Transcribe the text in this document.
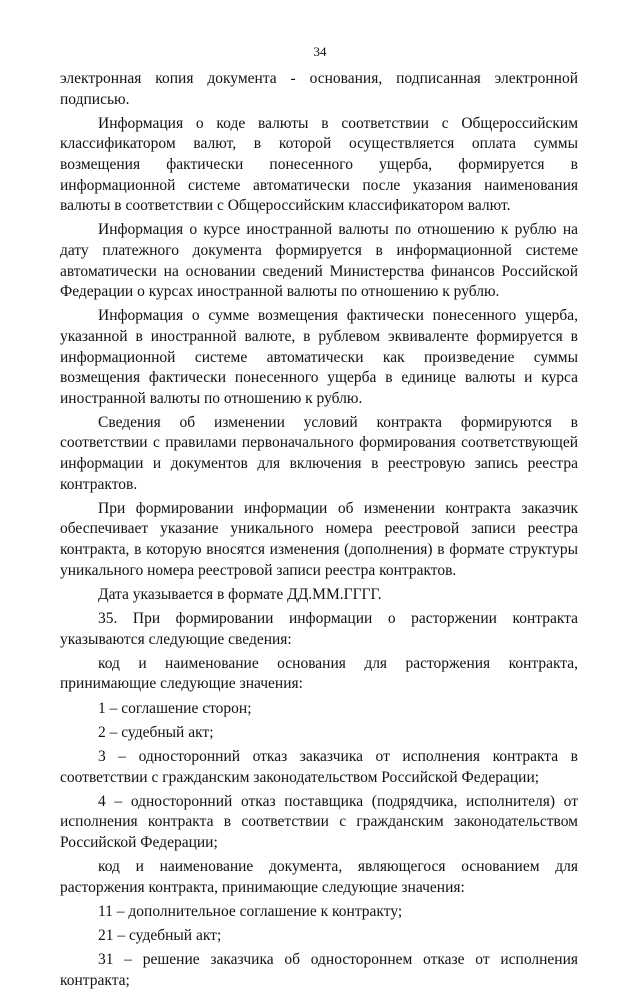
34

электронная копия документа - основания, подписанная электронной подписью.

Информация о коде валюты в соответствии с Общероссийским классификатором валют, в которой осуществляется оплата суммы возмещения фактически понесенного ущерба, формируется в информационной системе автоматически после указания наименования валюты в соответствии с Общероссийским классификатором валют.

Информация о курсе иностранной валюты по отношению к рублю на дату платежного документа формируется в информационной системе автоматически на основании сведений Министерства финансов Российской Федерации о курсах иностранной валюты по отношению к рублю.

Информация о сумме возмещения фактически понесенного ущерба, указанной в иностранной валюте, в рублевом эквиваленте формируется в информационной системе автоматически как произведение суммы возмещения фактически понесенного ущерба в единице валюты и курса иностранной валюты по отношению к рублю.

Сведения об изменении условий контракта формируются в соответствии с правилами первоначального формирования соответствующей информации и документов для включения в реестровую запись реестра контрактов.

При формировании информации об изменении контракта заказчик обеспечивает указание уникального номера реестровой записи реестра контракта, в которую вносятся изменения (дополнения) в формате структуры уникального номера реестровой записи реестра контрактов.

Дата указывается в формате ДД.ММ.ГГГГ.

35. При формировании информации о расторжении контракта указываются следующие сведения:

код и наименование основания для расторжения контракта, принимающие следующие значения:

1 – соглашение сторон;

2 – судебный акт;

3 – односторонний отказ заказчика от исполнения контракта в соответствии с гражданским законодательством Российской Федерации;

4 – односторонний отказ поставщика (подрядчика, исполнителя) от исполнения контракта в соответствии с гражданским законодательством Российской Федерации;

код и наименование документа, являющегося основанием для расторжения контракта, принимающие следующие значения:

11 – дополнительное соглашение к контракту;

21 – судебный акт;

31 – решение заказчика об одностороннем отказе от исполнения контракта;
